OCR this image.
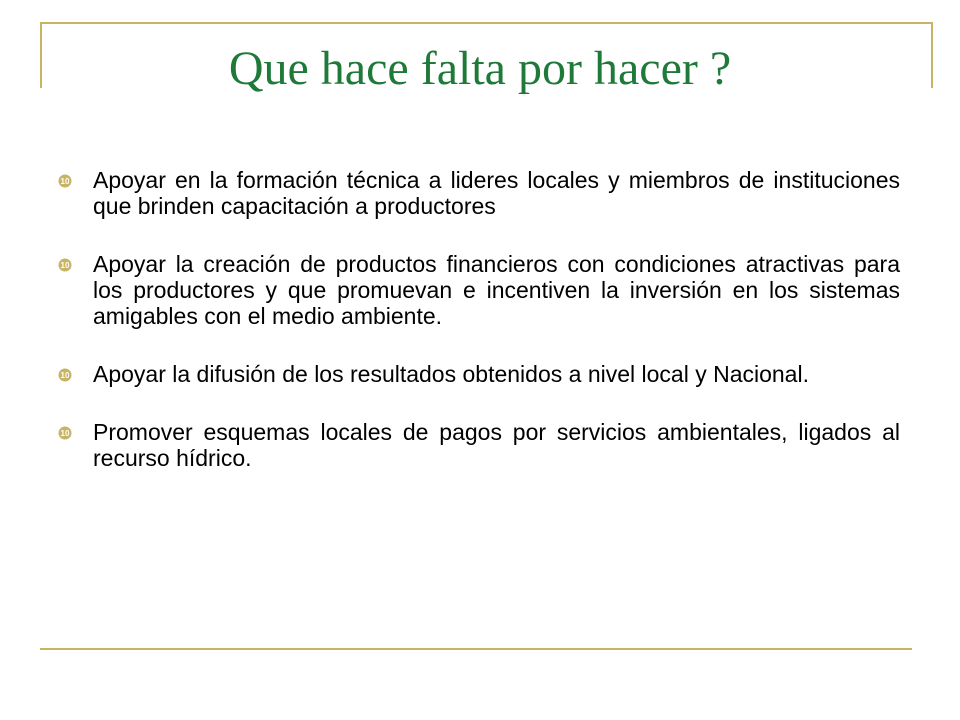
Que hace falta por hacer ?
10 Apoyar en la formación técnica a lideres locales y miembros de instituciones que brinden capacitación a productores
10 Apoyar la creación de productos financieros con condiciones atractivas para los productores y que promuevan e incentiven la inversión en los sistemas amigables con el medio ambiente.
10 Apoyar la difusión de los resultados obtenidos a nivel local y Nacional.
10 Promover esquemas locales de pagos por servicios ambientales, ligados al recurso hídrico.
